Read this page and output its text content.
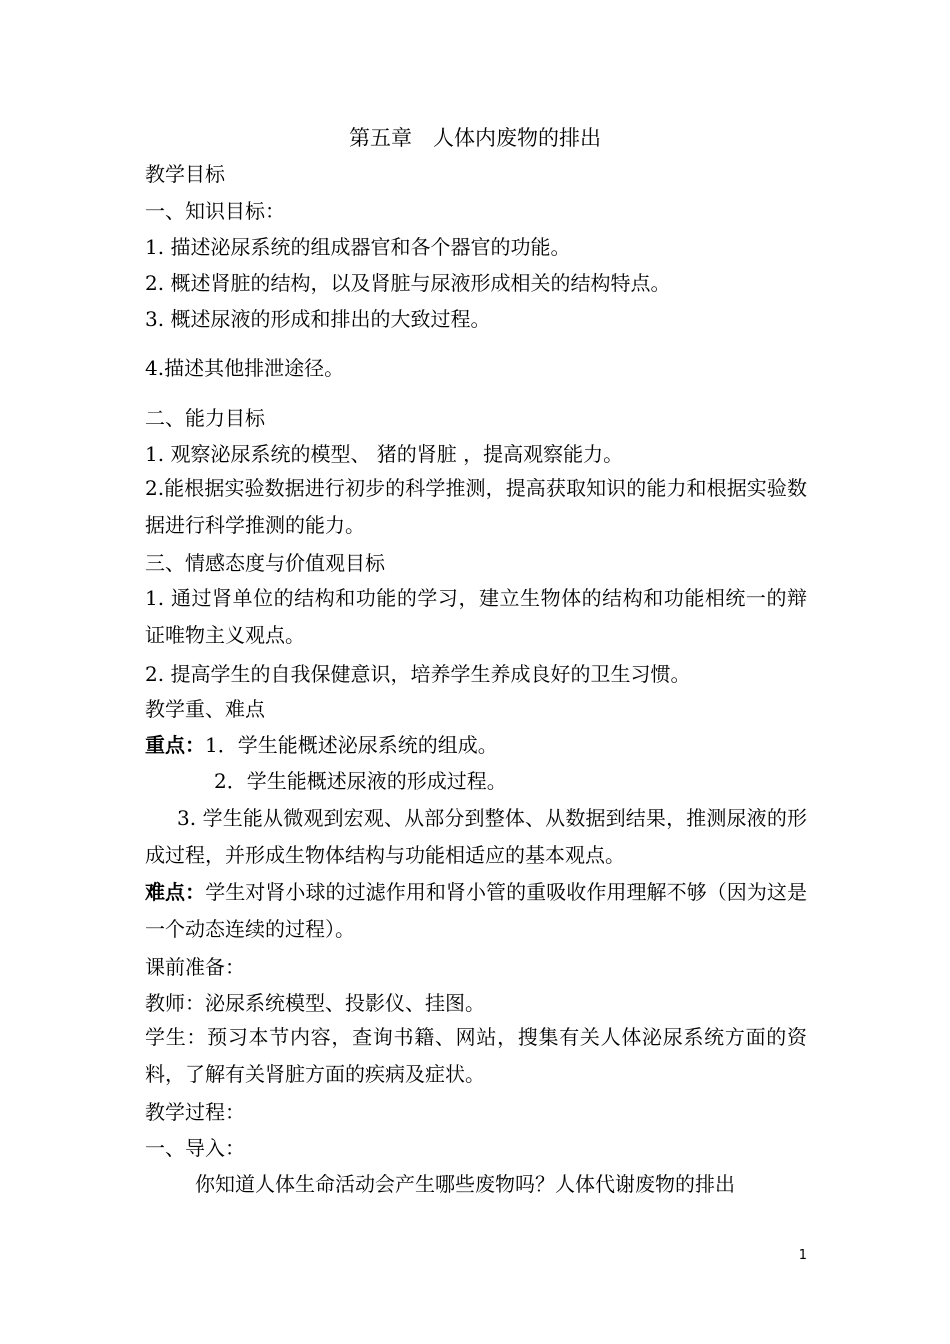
第五章　人体内废物的排出
教学目标
一、知识目标：
1. 描述泌尿系统的组成器官和各个器官的功能。
2. 概述肾脏的结构，以及肾脏与尿液形成相关的结构特点。
3. 概述尿液的形成和排出的大致过程。
4.描述其他排泄途径。
二、能力目标
1. 观察泌尿系统的模型、 猪的肾脏 ，提高观察能力。
2.能根据实验数据进行初步的科学推测，提高获取知识的能力和根据实验数据进行科学推测的能力。
三、情感态度与价值观目标
1. 通过肾单位的结构和功能的学习，建立生物体的结构和功能相统一的辩证唯物主义观点。
2. 提高学生的自我保健意识，培养学生养成良好的卫生习惯。
教学重、难点
重点：1．学生能概述泌尿系统的组成。
2．学生能概述尿液的形成过程。
3. 学生能从微观到宏观、从部分到整体、从数据到结果，推测尿液的形成过程，并形成生物体结构与功能相适应的基本观点。
难点：学生对肾小球的过滤作用和肾小管的重吸收作用理解不够（因为这是一个动态连续的过程）。
课前准备：
教师：泌尿系统模型、投影仪、挂图。
学生：预习本节内容，查询书籍、网站，搜集有关人体泌尿系统方面的资料，了解有关肾脏方面的疾病及症状。
教学过程：
一、导入：
你知道人体生命活动会产生哪些废物吗？人体代谢废物的排出
1
